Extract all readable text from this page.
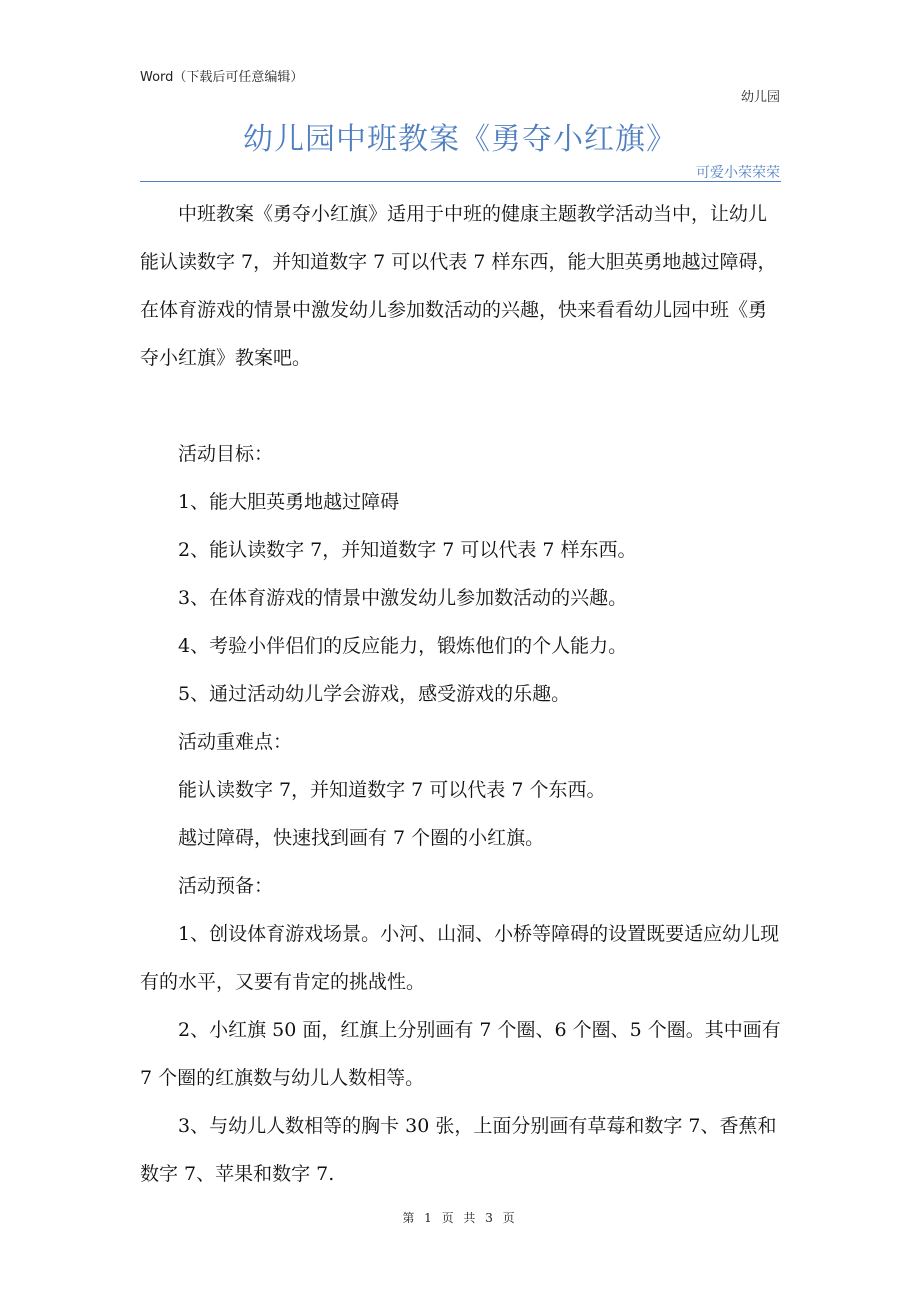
Word（下载后可任意编辑）
幼儿园
幼儿园中班教案《勇夺小红旗》
可爱小荣荣荣

中班教案《勇夺小红旗》适用于中班的健康主题教学活动当中，让幼儿能认读数字 7，并知道数字 7 可以代表 7 样东西，能大胆英勇地越过障碍，在体育游戏的情景中激发幼儿参加数活动的兴趣，快来看看幼儿园中班《勇夺小红旗》教案吧。

活动目标：

1、能大胆英勇地越过障碍

2、能认读数字 7，并知道数字 7 可以代表 7 样东西。

3、在体育游戏的情景中激发幼儿参加数活动的兴趣。

4、考验小伴侣们的反应能力，锻炼他们的个人能力。

5、通过活动幼儿学会游戏，感受游戏的乐趣。

活动重难点：

能认读数字 7，并知道数字 7 可以代表 7 个东西。

越过障碍，快速找到画有 7 个圈的小红旗。

活动预备：

1、创设体育游戏场景。小河、山洞、小桥等障碍的设置既要适应幼儿现有的水平，又要有肯定的挑战性。

2、小红旗 50 面，红旗上分别画有 7 个圈、6 个圈、5 个圈。其中画有 7 个圈的红旗数与幼儿人数相等。

3、与幼儿人数相等的胸卡 30 张，上面分别画有草莓和数字 7、香蕉和数字 7、苹果和数字 7.

第 1 页 共 3 页
